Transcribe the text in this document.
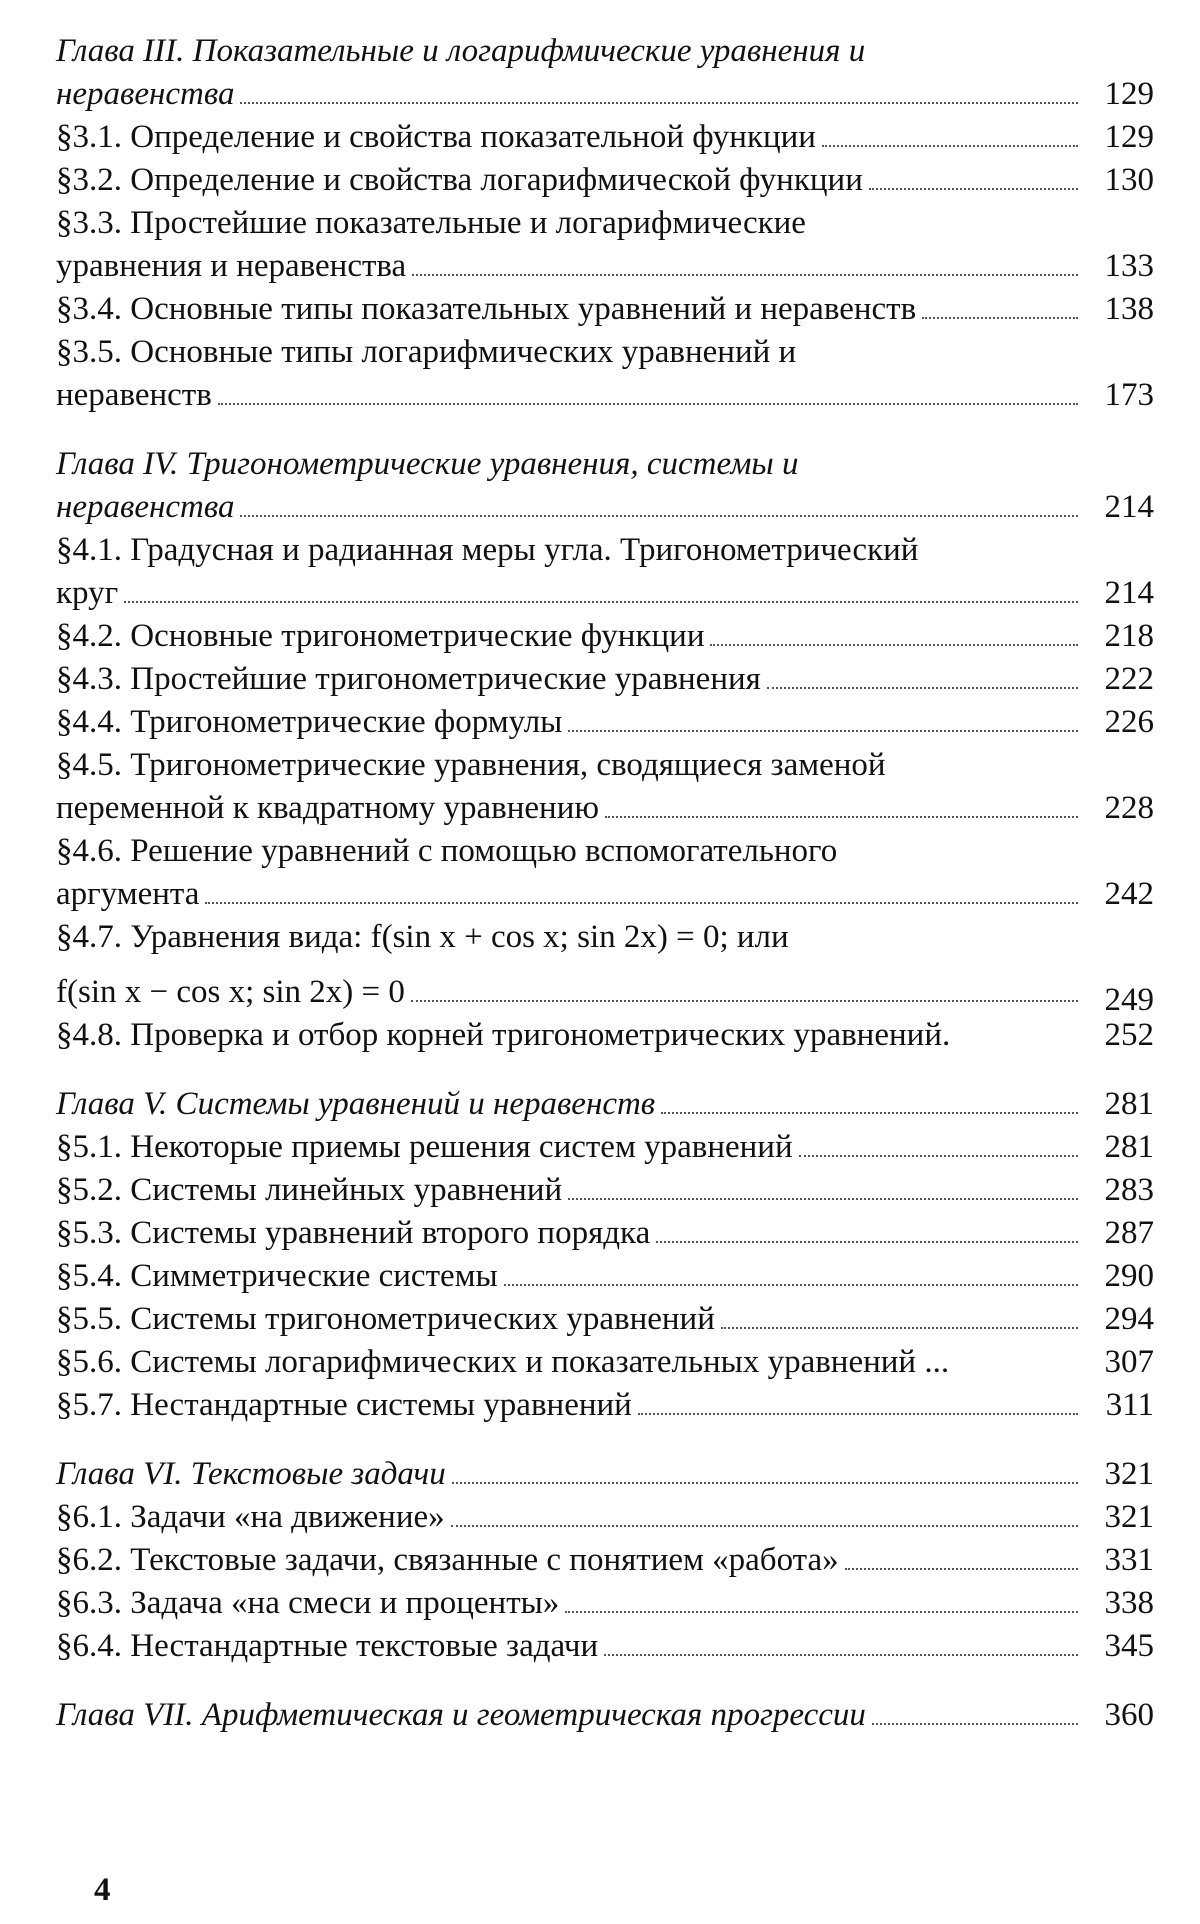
Глава III. Показательные и логарифмические уравнения и
неравенства	129
§3.1. Определение и свойства показательной функции	129
§3.2. Определение и свойства логарифмической функции	130
§3.3. Простейшие показательные и логарифмические
уравнения и неравенства	133
§3.4. Основные типы показательных уравнений и неравенств	138
§3.5. Основные типы логарифмических уравнений и
неравенств	173
Глава IV. Тригонометрические уравнения, системы и
неравенства	214
§4.1. Градусная и радианная меры угла. Тригонометрический
круг	214
§4.2. Основные тригонометрические функции	218
§4.3. Простейшие тригонометрические уравнения	222
§4.4. Тригонометрические формулы	226
§4.5. Тригонометрические уравнения, сводящиеся заменой
переменной к квадратному уравнению	228
§4.6. Решение уравнений с помощью вспомогательного
аргумента	242
§4.7. Уравнения вида: f(sin x + cos x; sin 2x) = 0; или
f(sin x − cos x; sin 2x) = 0	249
§4.8. Проверка и отбор корней тригонометрических уравнений.	252
Глава V. Системы уравнений и неравенств	281
§5.1. Некоторые приемы решения систем уравнений	281
§5.2. Системы линейных уравнений	283
§5.3. Системы уравнений второго порядка	287
§5.4. Симметрические системы	290
§5.5. Системы тригонометрических уравнений	294
§5.6. Системы логарифмических и показательных уравнений ...	307
§5.7. Нестандартные системы уравнений	311
Глава VI. Текстовые задачи	321
§6.1. Задачи «на движение»	321
§6.2. Текстовые задачи, связанные с понятием «работа»	331
§6.3. Задача «на смеси и проценты»	338
§6.4. Нестандартные текстовые задачи	345
Глава VII. Арифметическая и геометрическая прогрессии	360
4
